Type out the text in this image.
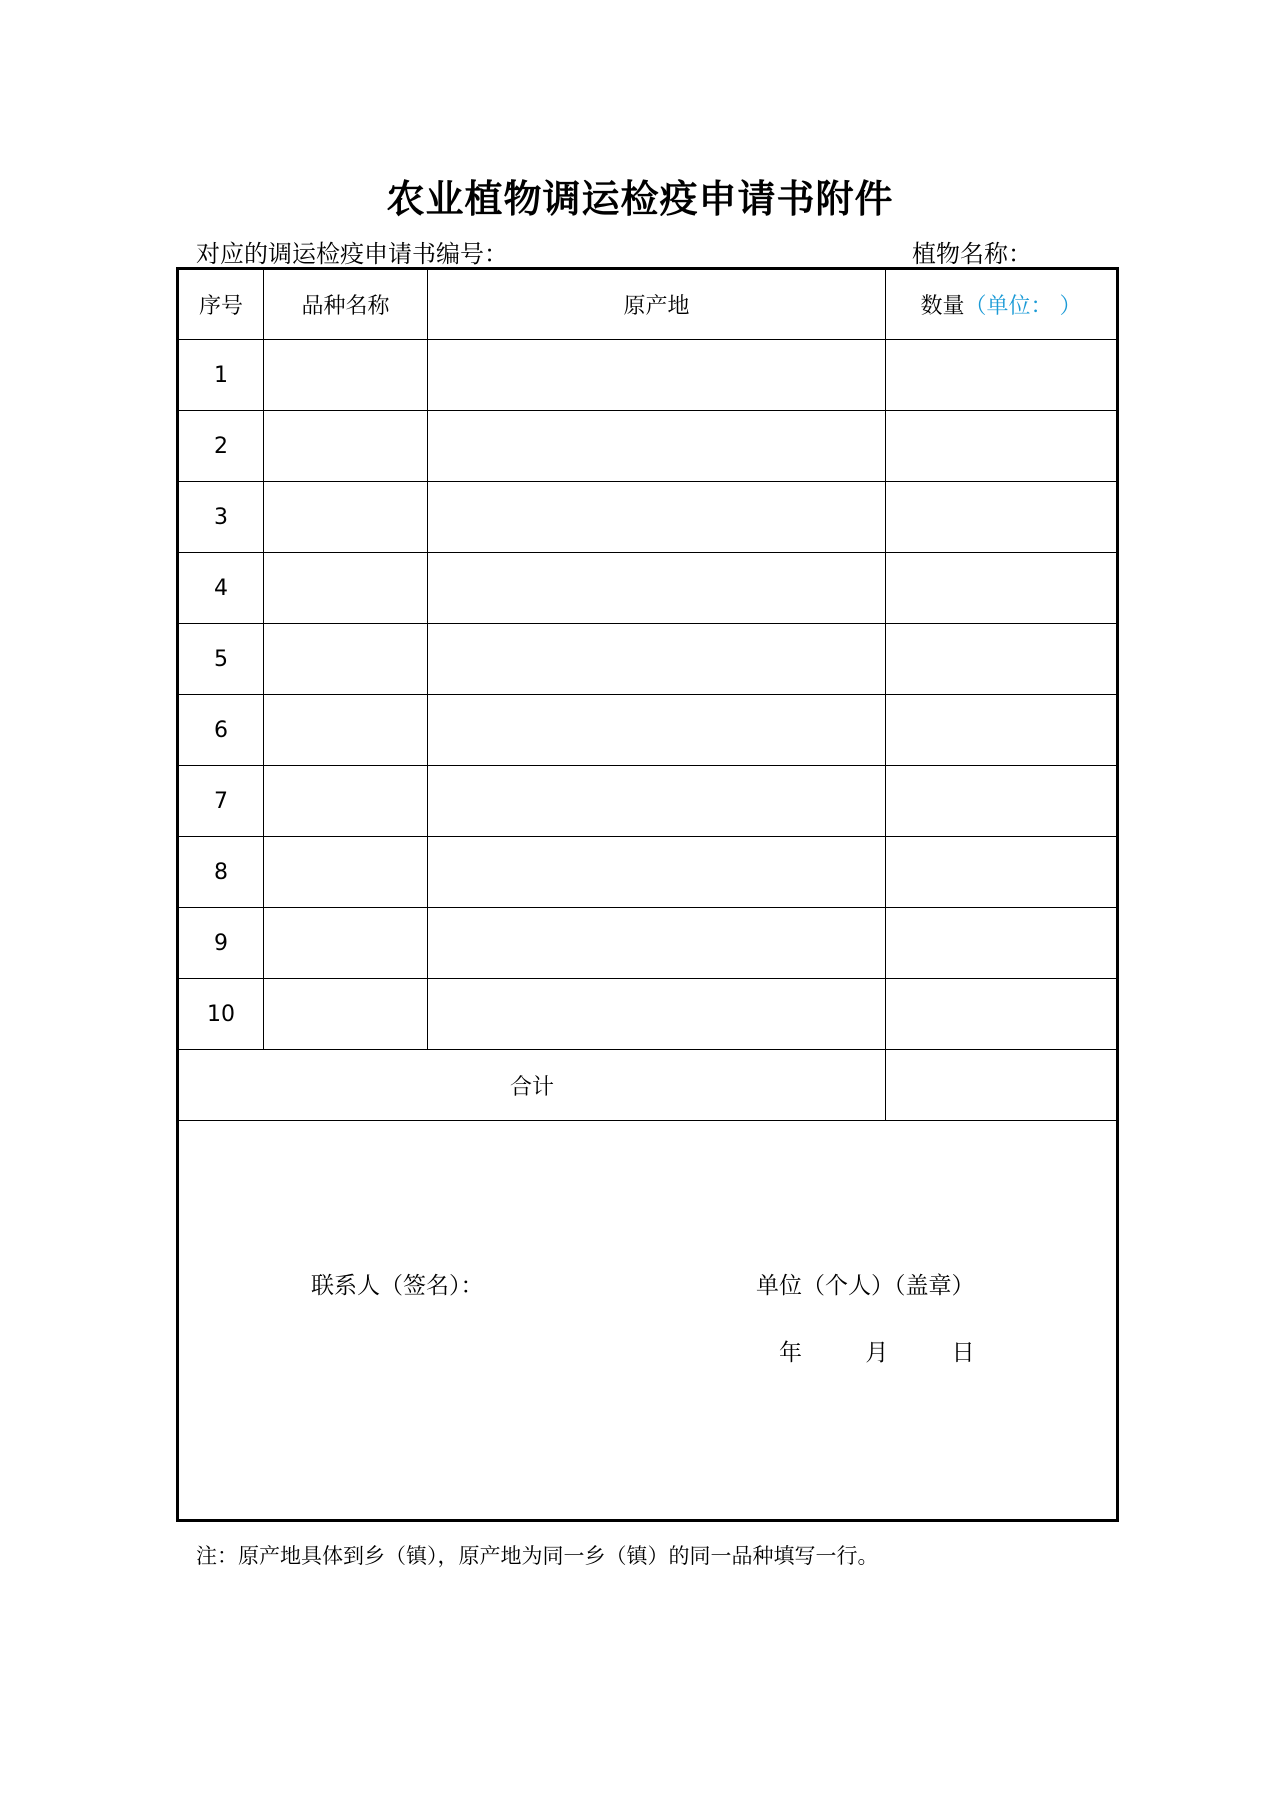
农业植物调运检疫申请书附件
对应的调运检疫申请书编号：	植物名称：
序号	品种名称	原产地	数量（单位： ）
1			
2			
3			
4			
5			
6			
7			
8			
9			
10			
合计			

联系人（签名）： 单位（个人）（盖章）
年 月 日			
注：原产地具体到乡（镇），原产地为同一乡（镇）的同一品种填写一行。
